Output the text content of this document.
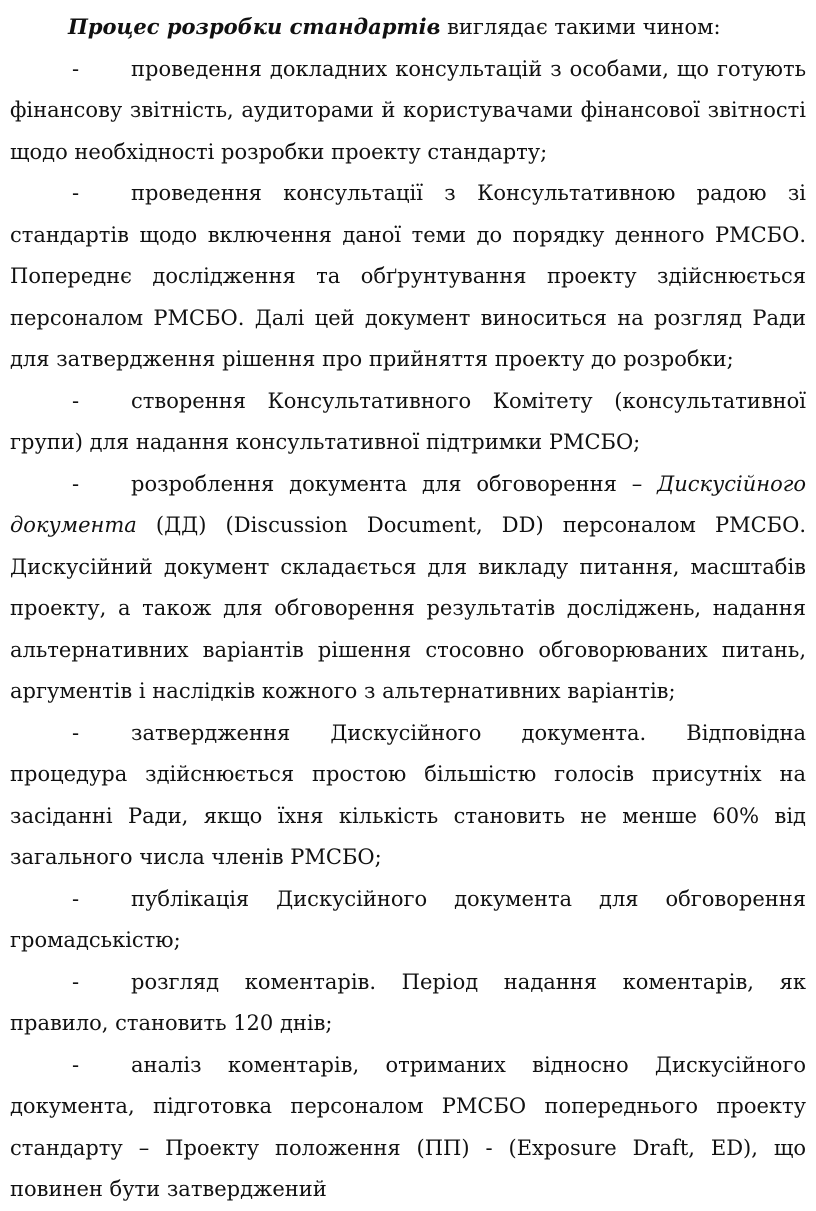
Процес розробки стандартів виглядає такими чином:

- проведення докладних консультацій з особами, що готують фінансову звітність, аудиторами й користувачами фінансової звітності щодо необхідності розробки проекту стандарту;

- проведення консультації з Консультативною радою зі стандартів щодо включення даної теми до порядку денного РМСБО. Попереднє дослідження та обґрунтування проекту здійснюється персоналом РМСБО. Далі цей документ виноситься на розгляд Ради для затвердження рішення про прийняття проекту до розробки;

- створення Консультативного Комітету (консультативної групи) для надання консультативної підтримки РМСБО;

- розроблення документа для обговорення – Дискусійного документа (ДД) (Discussion Document, DD) персоналом РМСБО. Дискусійний документ складається для викладу питання, масштабів проекту, а також для обговорення результатів досліджень, надання альтернативних варіантів рішення стосовно обговорюваних питань, аргументів і наслідків кожного з альтернативних варіантів;

- затвердження Дискусійного документа. Відповідна процедура здійснюється простою більшістю голосів присутніх на засіданні Ради, якщо їхня кількість становить не менше 60% від загального числа членів РМСБО;

- публікація Дискусійного документа для обговорення громадськістю;

- розгляд коментарів. Період надання коментарів, як правило, становить 120 днів;

- аналіз коментарів, отриманих відносно Дискусійного документа, підготовка персоналом РМСБО попереднього проекту стандарту – Проекту положення (ПП) - (Exposure Draft, ED), що повинен бути затверджений
